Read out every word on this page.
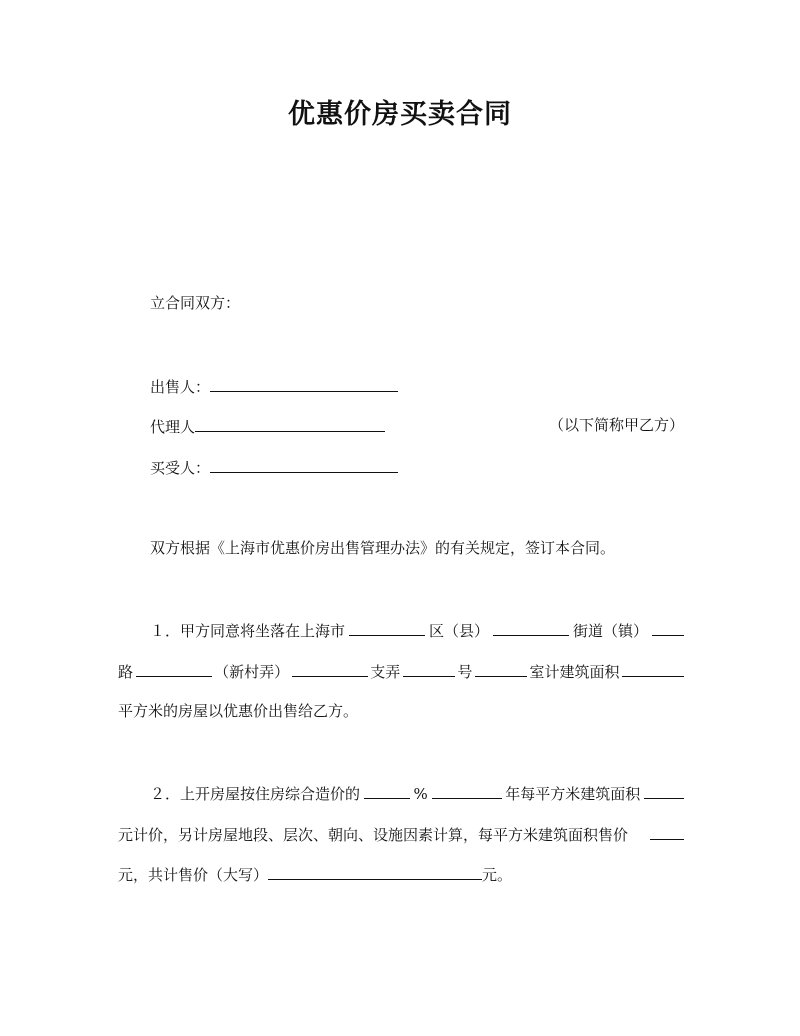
优惠价房买卖合同
立合同双方：
出售人：
代理人	（以下简称甲乙方）
买受人：
双方根据《上海市优惠价房出售管理办法》的有关规定，签订本合同。
１．甲方同意将坐落在上海市	区（县）	街道（镇）
路	（新村弄）	支弄	号	室计建筑面积
平方米的房屋以优惠价出售给乙方。
２．上开房屋按住房综合造价的	%	年每平方米建筑面积
元计价，另计房屋地段、层次、朝向、设施因素计算，每平方米建筑面积售价
元，共计售价（大写）	元。
